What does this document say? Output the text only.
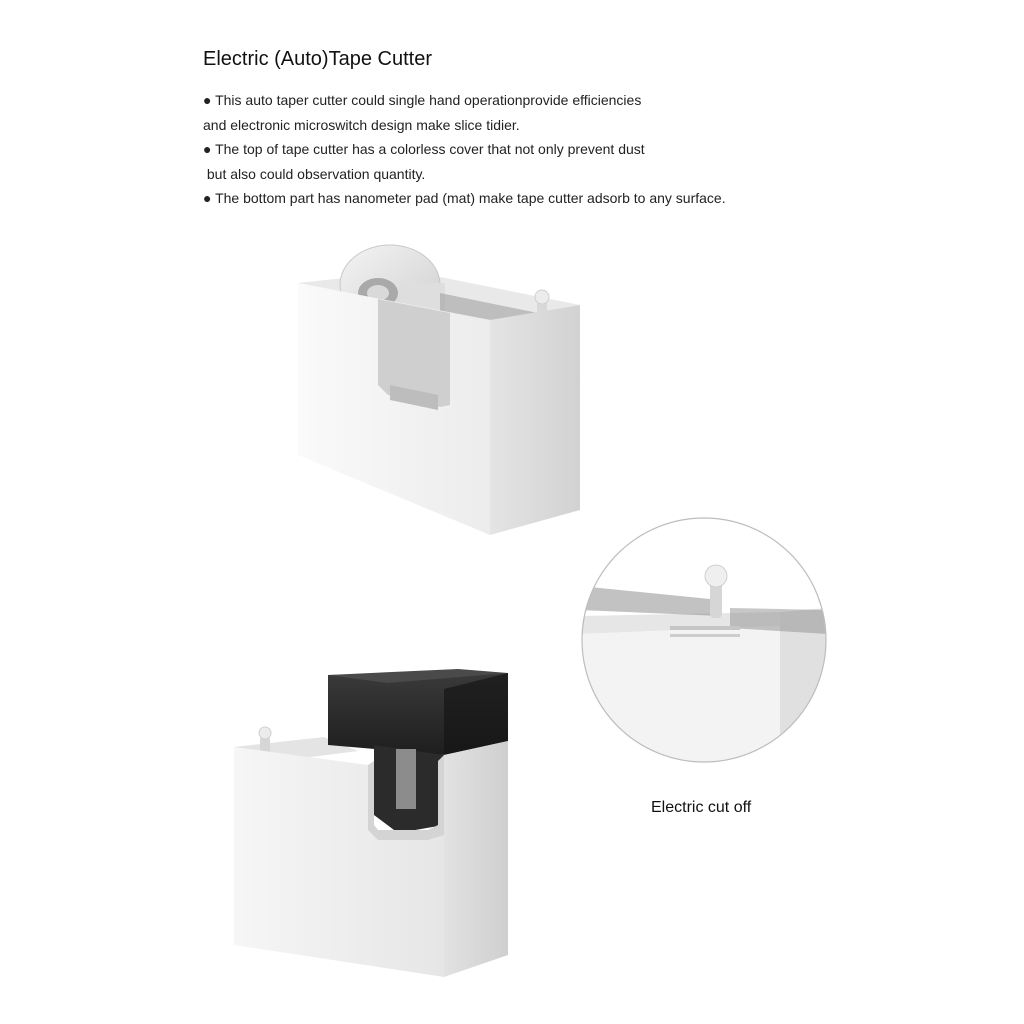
Electric (Auto)Tape Cutter
● This auto taper cutter could single hand operationprovide efficiencies
and electronic microswitch design make slice tidier.
● The top of tape cutter has a colorless cover that not only prevent dust
but also could observation quantity.
● The bottom part has nanometer pad (mat) make tape cutter adsorb to any surface.
Electric cut off
